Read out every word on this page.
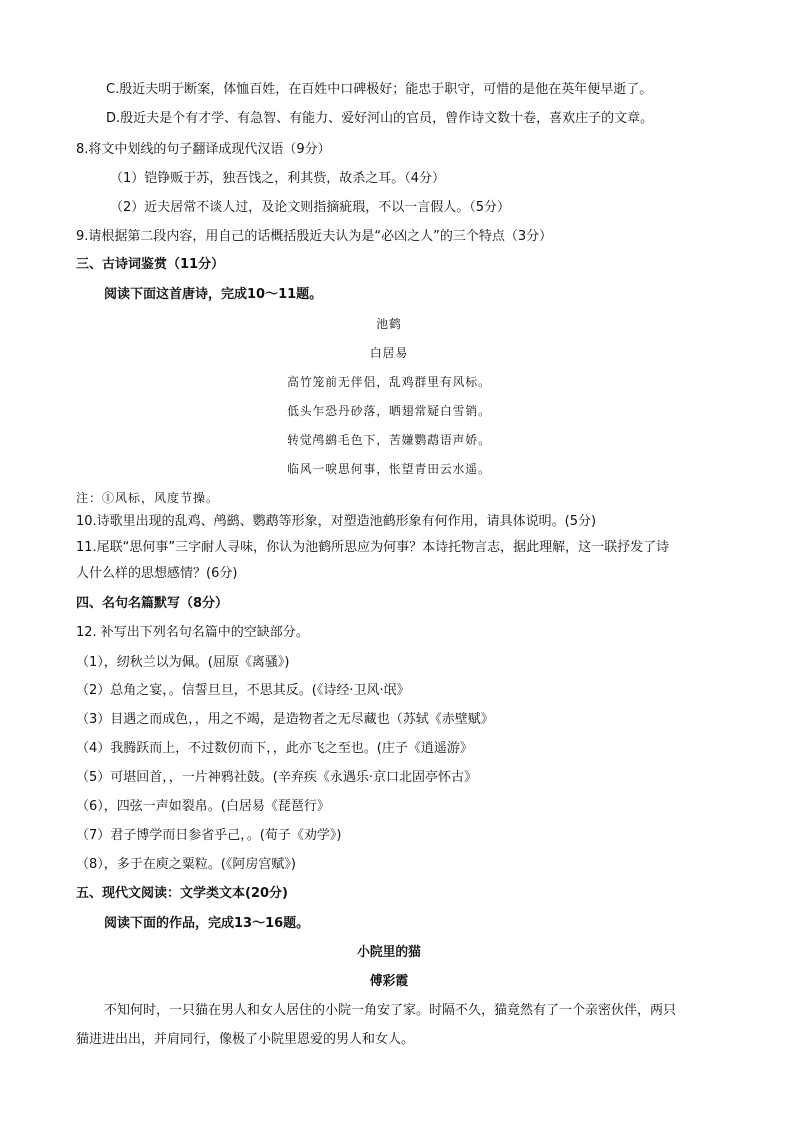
C.殷近夫明于断案，体恤百姓，在百姓中口碑极好；能忠于职守，可惜的是他在英年便早逝了。
D.殷近夫是个有才学、有急智、有能力、爱好河山的官员，曾作诗文数十卷，喜欢庄子的文章。
8.将文中划线的句子翻译成现代汉语（9分）
（1）铠铮贩于苏，独吾饯之，利其赀，故杀之耳。（4分）
（2）近夫居常不谈人过，及论文则指摘疵瑕，不以一言假人。（5分）
9.请根据第二段内容，用自己的话概括殷近夫认为是“必凶之人”的三个特点（3分）
三、古诗词鉴赏（11分）
阅读下面这首唐诗，完成10～11题。
池鹤
白居易
高竹笼前无伴侣，乱鸡群里有风标。
低头乍恐丹砂落，晒翅常疑白雪销。
转觉鸬鹚毛色下，苦嫌鹦鹉语声娇。
临风一唳思何事，怅望青田云水遥。
注：①风标，风度节操。
10.诗歌里出现的乱鸡、鸬鹚、鹦鹉等形象，对塑造池鹤形象有何作用，请具体说明。(5分)
11.尾联“思何事”三字耐人寻味，你认为池鹤所思应为何事？本诗托物言志，据此理解，这一联抒发了诗
人什么样的思想感情？(6分)
四、名句名篇默写（8分）
12. 补写出下列名句名篇中的空缺部分。
（1），纫秋兰以为佩。(屈原《离骚》)
（2）总角之宴，。信誓旦旦，不思其反。(《诗经·卫风·氓》
（3）目遇之而成色，，用之不竭，是造物者之无尽藏也（苏轼《赤壁赋》
（4）我腾跃而上，不过数仞而下，，此亦飞之至也。(庄子《逍遥游》
（5）可堪回首，，一片神鸦社鼓。(辛弃疾《永遇乐·京口北固亭怀古》
（6），四弦一声如裂帛。(白居易《琵琶行》
（7）君子博学而日参省乎己，。(荀子《劝学》)
（8），多于在庾之粟粒。(《阿房宫赋》)
五、现代文阅读：文学类文本(20分)
阅读下面的作品，完成13～16题。
小院里的猫
傅彩霞
不知何时，一只猫在男人和女人居住的小院一角安了家。时隔不久，猫竟然有了一个亲密伙伴，两只
猫进进出出，并肩同行，像极了小院里恩爱的男人和女人。
